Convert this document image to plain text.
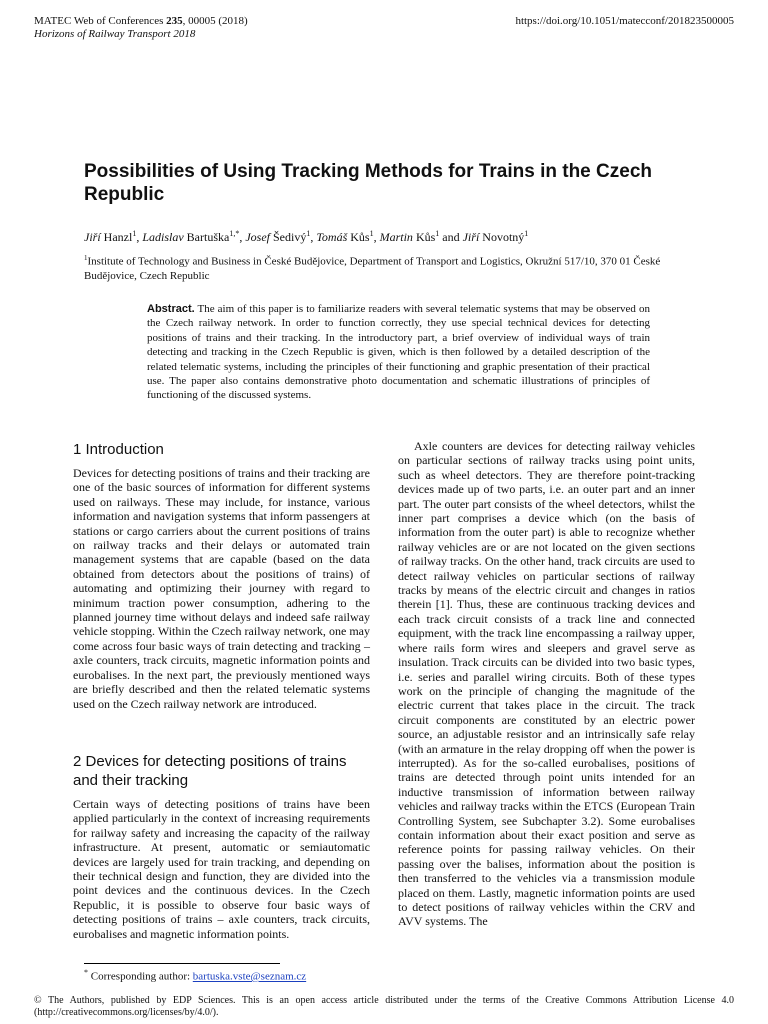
MATEC Web of Conferences 235, 00005 (2018)
Horizons of Railway Transport 2018
https://doi.org/10.1051/matecconf/201823500005
Possibilities of Using Tracking Methods for Trains in the Czech Republic
Jiří Hanzl$^1$, Ladislav Bartuška$^{1,*}$, Josef Šedivý$^1$, Tomáš Kůs$^1$, Martin Kůs$^1$ and Jiří Novotný$^1$
$^1$Institute of Technology and Business in České Budějovice, Department of Transport and Logistics, Okružní 517/10, 370 01 České Budějovice, Czech Republic
Abstract. The aim of this paper is to familiarize readers with several telematic systems that may be observed on the Czech railway network. In order to function correctly, they use special technical devices for detecting positions of trains and their tracking. In the introductory part, a brief overview of individual ways of train detecting and tracking in the Czech Republic is given, which is then followed by a detailed description of the related telematic systems, including the principles of their functioning and graphic presentation of their practical use. The paper also contains demonstrative photo documentation and schematic illustrations of principles of functioning of the discussed systems.
1 Introduction
Devices for detecting positions of trains and their tracking are one of the basic sources of information for different systems used on railways. These may include, for instance, various information and navigation systems that inform passengers at stations or cargo carriers about the current positions of trains on railway tracks and their delays or automated train management systems that are capable (based on the data obtained from detectors about the positions of trains) of automating and optimizing their journey with regard to minimum traction power consumption, adhering to the planned journey time without delays and indeed safe railway vehicle stopping. Within the Czech railway network, one may come across four basic ways of train detecting and tracking – axle counters, track circuits, magnetic information points and eurobalises. In the next part, the previously mentioned ways are briefly described and then the related telematic systems used on the Czech railway network are introduced.
2 Devices for detecting positions of trains and their tracking
Certain ways of detecting positions of trains have been applied particularly in the context of increasing requirements for railway safety and increasing the capacity of the railway infrastructure. At present, automatic or semiautomatic devices are largely used for train tracking, and depending on their technical design and function, they are divided into the point devices and the continuous devices. In the Czech Republic, it is possible to observe four basic ways of detecting positions of trains – axle counters, track circuits, eurobalises and magnetic information points.
Axle counters are devices for detecting railway vehicles on particular sections of railway tracks using point units, such as wheel detectors. They are therefore point-tracking devices made up of two parts, i.e. an outer part and an inner part. The outer part consists of the wheel detectors, whilst the inner part comprises a device which (on the basis of information from the outer part) is able to recognize whether railway vehicles are or are not located on the given sections of railway tracks. On the other hand, track circuits are used to detect railway vehicles on particular sections of railway tracks by means of the electric circuit and changes in ratios therein [1]. Thus, these are continuous tracking devices and each track circuit consists of a track line and connected equipment, with the track line encompassing a railway upper, where rails form wires and sleepers and gravel serve as insulation. Track circuits can be divided into two basic types, i.e. series and parallel wiring circuits. Both of these types work on the principle of changing the magnitude of the electric current that takes place in the circuit. The track circuit components are constituted by an electric power source, an adjustable resistor and an intrinsically safe relay (with an armature in the relay dropping off when the power is interrupted). As for the so-called eurobalises, positions of trains are detected through point units intended for an inductive transmission of information between railway vehicles and railway tracks within the ETCS (European Train Controlling System, see Subchapter 3.2). Some eurobalises contain information about their exact position and serve as reference points for passing railway vehicles. On their passing over the balises, information about the position is then transferred to the vehicles via a transmission module placed on them. Lastly, magnetic information points are used to detect positions of railway vehicles within the CRV and AVV systems. The
* Corresponding author: bartuska.vste@seznam.cz
© The Authors, published by EDP Sciences. This is an open access article distributed under the terms of the Creative Commons Attribution License 4.0 (http://creativecommons.org/licenses/by/4.0/).
